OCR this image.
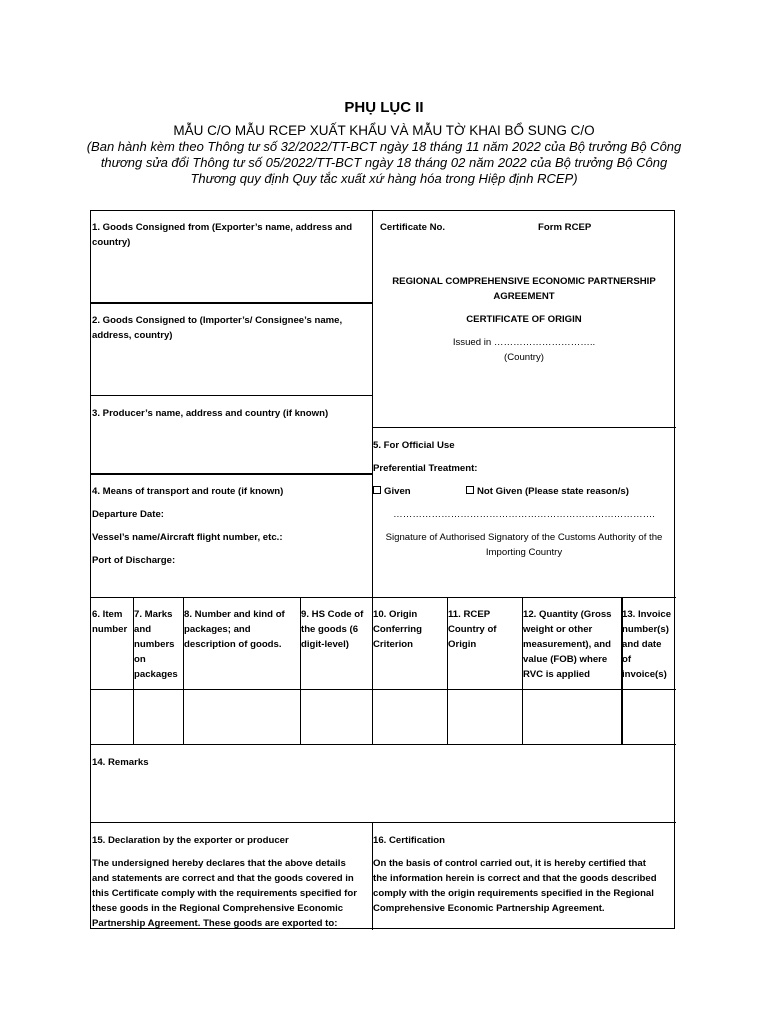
PHỤ LỤC II
MẪU C/O MẪU RCEP XUẤT KHẨU VÀ MẪU TỜ KHAI BỔ SUNG C/O
(Ban hành kèm theo Thông tư số 32/2022/TT-BCT ngày 18 tháng 11 năm 2022 của Bộ trưởng Bộ Công
thương sửa đổi Thông tư số 05/2022/TT-BCT ngày 18 tháng 02 năm 2022 của Bộ trưởng Bộ Công
Thương quy định Quy tắc xuất xứ hàng hóa trong Hiệp định RCEP)
1. Goods Consigned from (Exporter’s name, address and country)
2. Goods Consigned to (Importer’s/ Consignee’s name, address, country)
3. Producer’s name, address and country (if known)
4. Means of transport and route (if known)
Departure Date:
Vessel’s name/Aircraft flight number, etc.:
Port of Discharge:
Certificate No.	Form RCEP
REGIONAL COMPREHENSIVE ECONOMIC PARTNERSHIP
AGREEMENT
CERTIFICATE OF ORIGIN
Issued in …………………………..
(Country)
5. For Official Use
Preferential Treatment:
Given	Not Given (Please state reason/s)
……………………………………………………………………….
Signature of Authorised Signatory of the Customs Authority of the
Importing Country
6. Item
number
7. Marks
and
numbers
on
packages
8. Number and kind of
packages; and
description of goods.
9. HS Code of
the goods (6
digit-level)
10. Origin
Conferring
Criterion
11. RCEP
Country of
Origin
12. Quantity (Gross
weight or other
measurement), and
value (FOB) where
RVC is applied
13. Invoice
number(s)
and date
of
invoice(s)
14. Remarks
15. Declaration by the exporter or producer
The undersigned hereby declares that the above details
and statements are correct and that the goods covered in
this Certificate comply with the requirements specified for
these goods in the Regional Comprehensive Economic
Partnership Agreement. These goods are exported to:
16. Certification
On the basis of control carried out, it is hereby certified that
the information herein is correct and that the goods described
comply with the origin requirements specified in the Regional
Comprehensive Economic Partnership Agreement.
